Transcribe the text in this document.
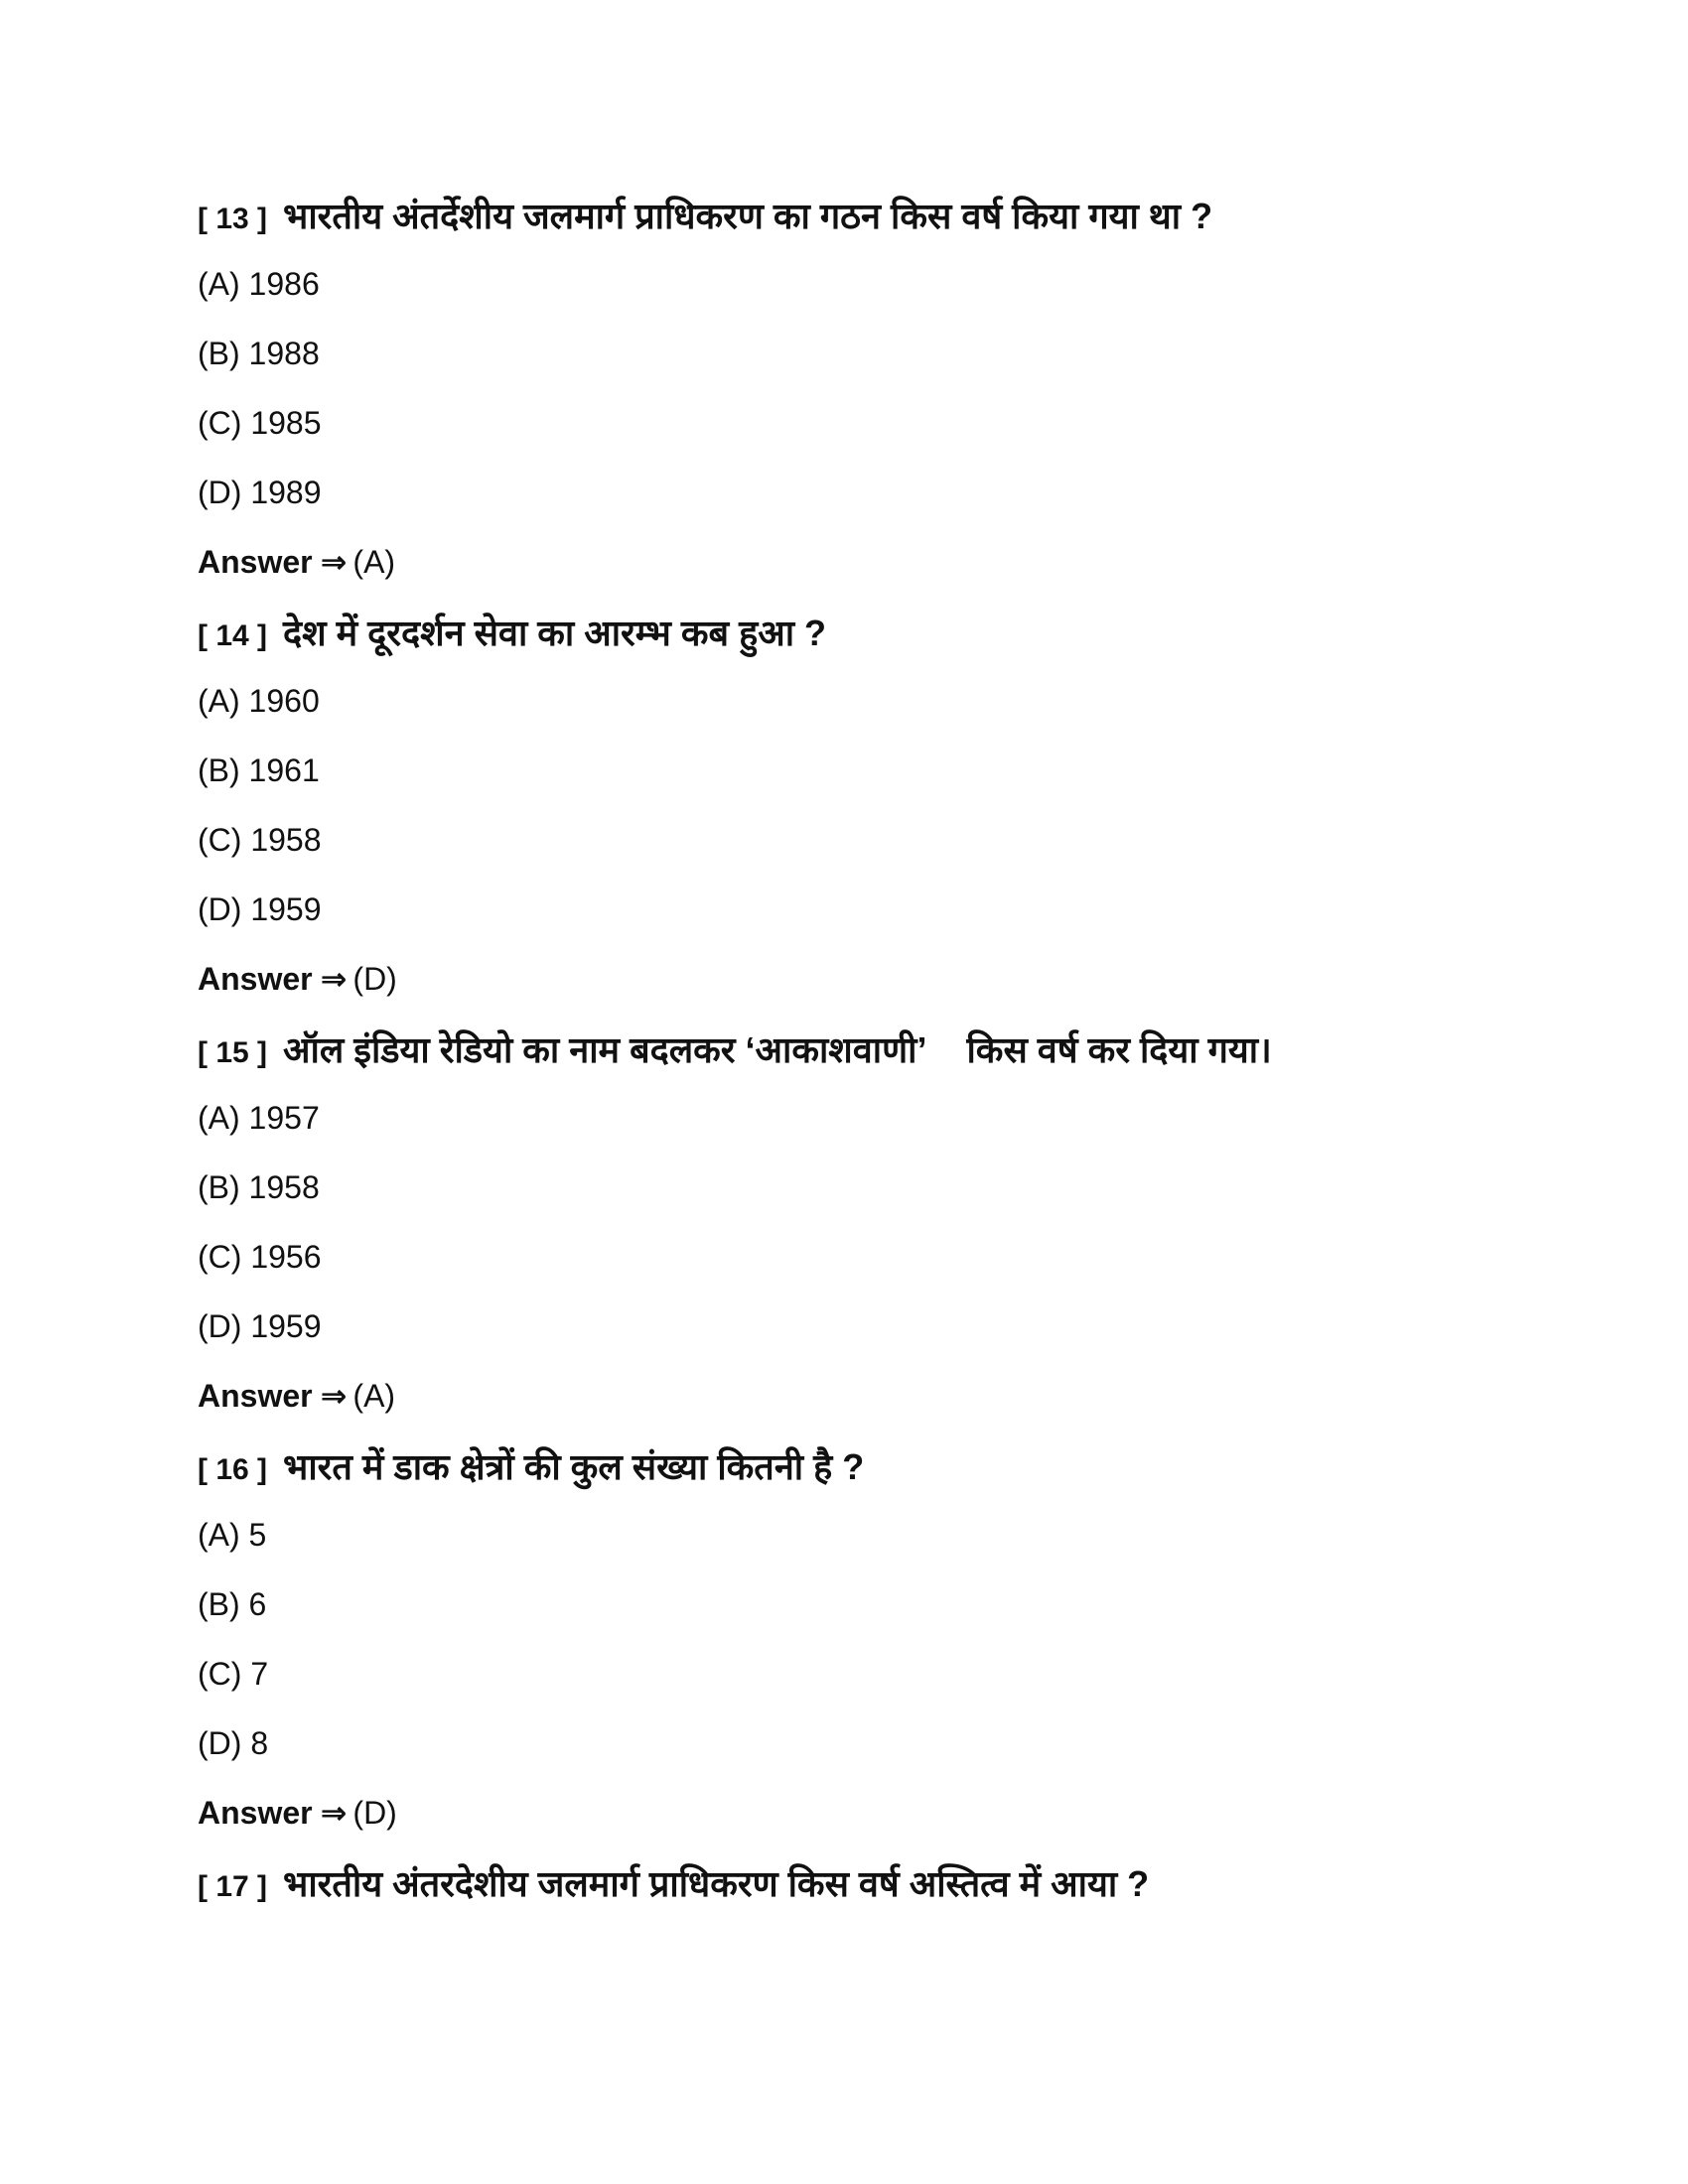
[ 13 ] भारतीय अंतर्देशीय जलमार्ग प्राधिकरण का गठन किस वर्ष किया गया था ?
(A) 1986
(B) 1988
(C) 1985
(D) 1989
Answer ⇒ (A)
[ 14 ] देश में दूरदर्शन सेवा का आरम्भ कब हुआ ?
(A) 1960
(B) 1961
(C) 1958
(D) 1959
Answer ⇒ (D)
[ 15 ] ऑल इंडिया रेडियो का नाम बदलकर ‘आकाशवाणी’ किस वर्ष कर दिया गया।
(A) 1957
(B) 1958
(C) 1956
(D) 1959
Answer ⇒ (A)
[ 16 ] भारत में डाक क्षेत्रों की कुल संख्या कितनी है ?
(A) 5
(B) 6
(C) 7
(D) 8
Answer ⇒ (D)
[ 17 ] भारतीय अंतरदेशीय जलमार्ग प्राधिकरण किस वर्ष अस्तित्व में आया ?
